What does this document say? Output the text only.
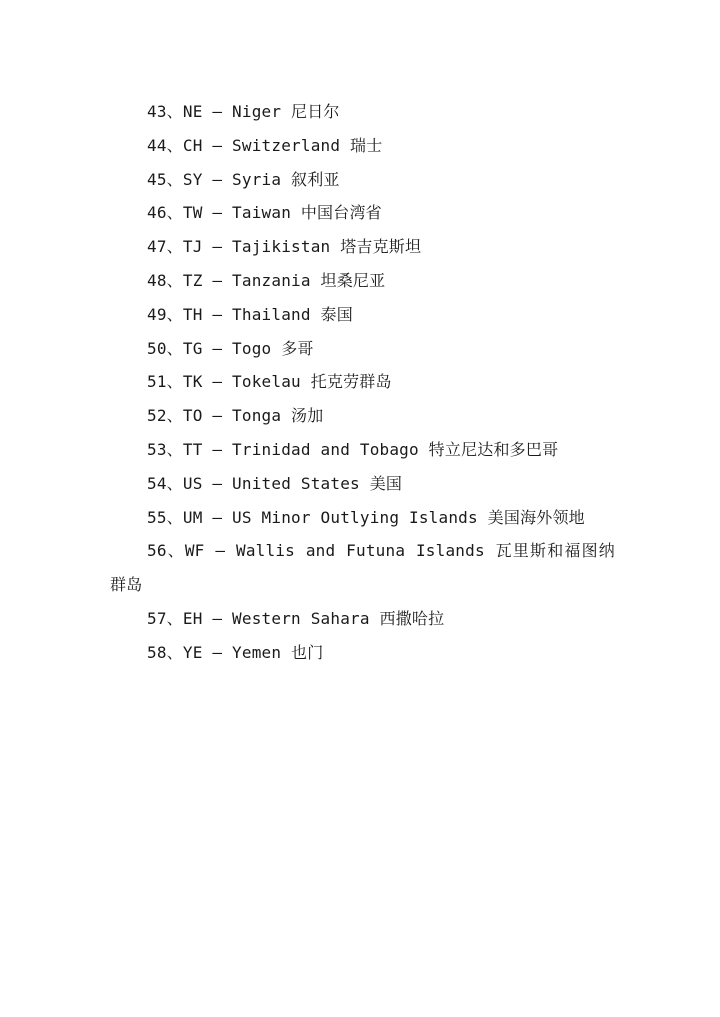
43、NE — Niger 尼日尔
44、CH — Switzerland 瑞士
45、SY — Syria 叙利亚
46、TW — Taiwan 中国台湾省
47、TJ — Tajikistan 塔吉克斯坦
48、TZ — Tanzania 坦桑尼亚
49、TH — Thailand 泰国
50、TG — Togo 多哥
51、TK — Tokelau 托克劳群岛
52、TO — Tonga 汤加
53、TT — Trinidad and Tobago 特立尼达和多巴哥
54、US — United States 美国
55、UM — US Minor Outlying Islands 美国海外领地
56、WF — Wallis and Futuna Islands 瓦里斯和福图纳群岛
57、EH — Western Sahara 西撒哈拉
58、YE — Yemen 也门
